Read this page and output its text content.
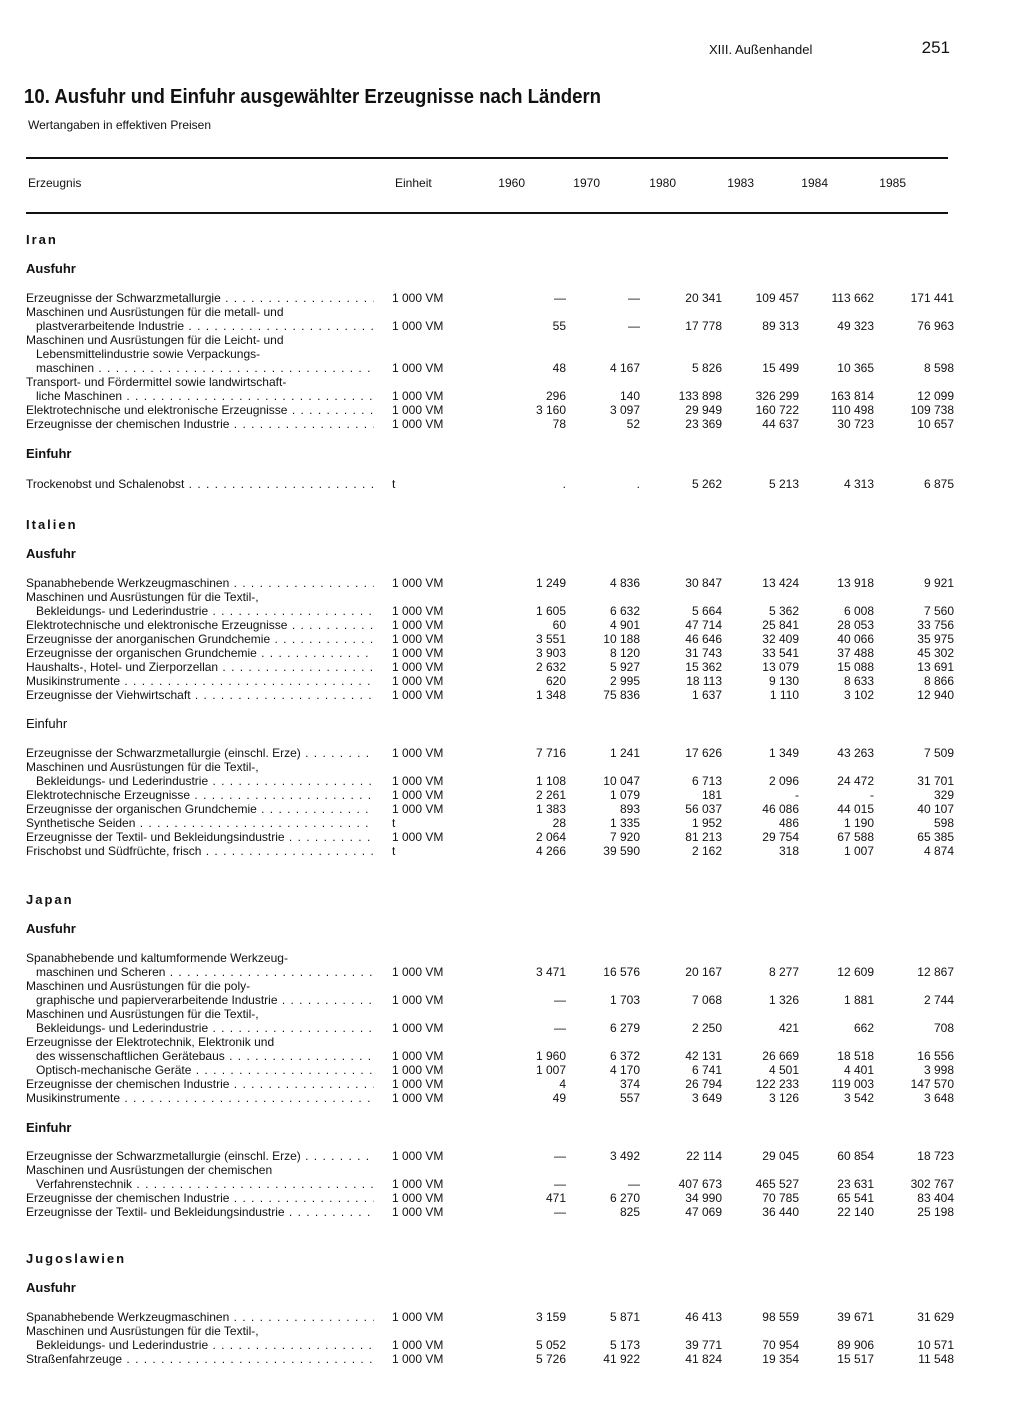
XIII. Außenhandel	251
10. Ausfuhr und Einfuhr ausgewählter Erzeugnisse nach Ländern
Wertangaben in effektiven Preisen
Erzeugnis	Einheit	1960	1970	1980	1983	1984	1985
Iran
Ausfuhr
Erzeugnisse der Schwarzmetallurgie . . .	1 000 VM	—	—	20 341	109 457	113 662	171 441
Maschinen und Ausrüstungen für die metall- und
plastverarbeitende Industrie . . .	1 000 VM	55	—	17 778	89 313	49 323	76 963
Maschinen und Ausrüstungen für die Leicht- und
Lebensmittelindustrie sowie Verpackungs-
maschinen . . .	1 000 VM	48	4 167	5 826	15 499	10 365	8 598
Transport- und Fördermittel sowie landwirtschaft-
liche Maschinen . . .	1 000 VM	296	140	133 898	326 299	163 814	12 099
Elektrotechnische und elektronische Erzeugnisse . . .	1 000 VM	3 160	3 097	29 949	160 722	110 498	109 738
Erzeugnisse der chemischen Industrie . . .	1 000 VM	78	52	23 369	44 637	30 723	10 657
Einfuhr
Trockenobst und Schalenobst . . .	t	.	.	5 262	5 213	4 313	6 875
Italien
Ausfuhr
Spanabhebende Werkzeugmaschinen . . .	1 000 VM	1 249	4 836	30 847	13 424	13 918	9 921
Maschinen und Ausrüstungen für die Textil-,
Bekleidungs- und Lederindustrie . . .	1 000 VM	1 605	6 632	5 664	5 362	6 008	7 560
Elektrotechnische und elektronische Erzeugnisse . . .	1 000 VM	60	4 901	47 714	25 841	28 053	33 756
Erzeugnisse der anorganischen Grundchemie . . .	1 000 VM	3 551	10 188	46 646	32 409	40 066	35 975
Erzeugnisse der organischen Grundchemie . . .	1 000 VM	3 903	8 120	31 743	33 541	37 488	45 302
Haushalts-, Hotel- und Zierporzellan . . .	1 000 VM	2 632	5 927	15 362	13 079	15 088	13 691
Musikinstrumente . . .	1 000 VM	620	2 995	18 113	9 130	8 633	8 866
Erzeugnisse der Viehwirtschaft . . .	1 000 VM	1 348	75 836	1 637	1 110	3 102	12 940
Einfuhr
Erzeugnisse der Schwarzmetallurgie (einschl. Erze) . . .	1 000 VM	7 716	1 241	17 626	1 349	43 263	7 509
Maschinen und Ausrüstungen für die Textil-,
Bekleidungs- und Lederindustrie . . .	1 000 VM	1 108	10 047	6 713	2 096	24 472	31 701
Elektrotechnische Erzeugnisse . . .	1 000 VM	2 261	1 079	181	-	-	329
Erzeugnisse der organischen Grundchemie . . .	1 000 VM	1 383	893	56 037	46 086	44 015	40 107
Synthetische Seiden . . .	t	28	1 335	1 952	486	1 190	598
Erzeugnisse der Textil- und Bekleidungsindustrie . . .	1 000 VM	2 064	7 920	81 213	29 754	67 588	65 385
Frischobst und Südfrüchte, frisch . . .	t	4 266	39 590	2 162	318	1 007	4 874
Japan
Ausfuhr
Spanabhebende und kaltumformende Werkzeug-
maschinen und Scheren . . .	1 000 VM	3 471	16 576	20 167	8 277	12 609	12 867
Maschinen und Ausrüstungen für die poly-
graphische und papierverarbeitende Industrie . . .	1 000 VM	—	1 703	7 068	1 326	1 881	2 744
Maschinen und Ausrüstungen für die Textil-,
Bekleidungs- und Lederindustrie . . .	1 000 VM	—	6 279	2 250	421	662	708
Erzeugnisse der Elektrotechnik, Elektronik und
des wissenschaftlichen Gerätebaus . . .	1 000 VM	1 960	6 372	42 131	26 669	18 518	16 556
Optisch-mechanische Geräte . . .	1 000 VM	1 007	4 170	6 741	4 501	4 401	3 998
Erzeugnisse der chemischen Industrie . . .	1 000 VM	4	374	26 794	122 233	119 003	147 570
Musikinstrumente . . .	1 000 VM	49	557	3 649	3 126	3 542	3 648
Einfuhr
Erzeugnisse der Schwarzmetallurgie (einschl. Erze) . . .	1 000 VM	—	3 492	22 114	29 045	60 854	18 723
Maschinen und Ausrüstungen der chemischen
Verfahrenstechnik . . .	1 000 VM	—	—	407 673	465 527	23 631	302 767
Erzeugnisse der chemischen Industrie . . .	1 000 VM	471	6 270	34 990	70 785	65 541	83 404
Erzeugnisse der Textil- und Bekleidungsindustrie . . .	1 000 VM	—	825	47 069	36 440	22 140	25 198
Jugoslawien
Ausfuhr
Spanabhebende Werkzeugmaschinen . . .	1 000 VM	3 159	5 871	46 413	98 559	39 671	31 629
Maschinen und Ausrüstungen für die Textil-,
Bekleidungs- und Lederindustrie . . .	1 000 VM	5 052	5 173	39 771	70 954	89 906	10 571
Straßenfahrzeuge . . .	1 000 VM	5 726	41 922	41 824	19 354	15 517	11 548
